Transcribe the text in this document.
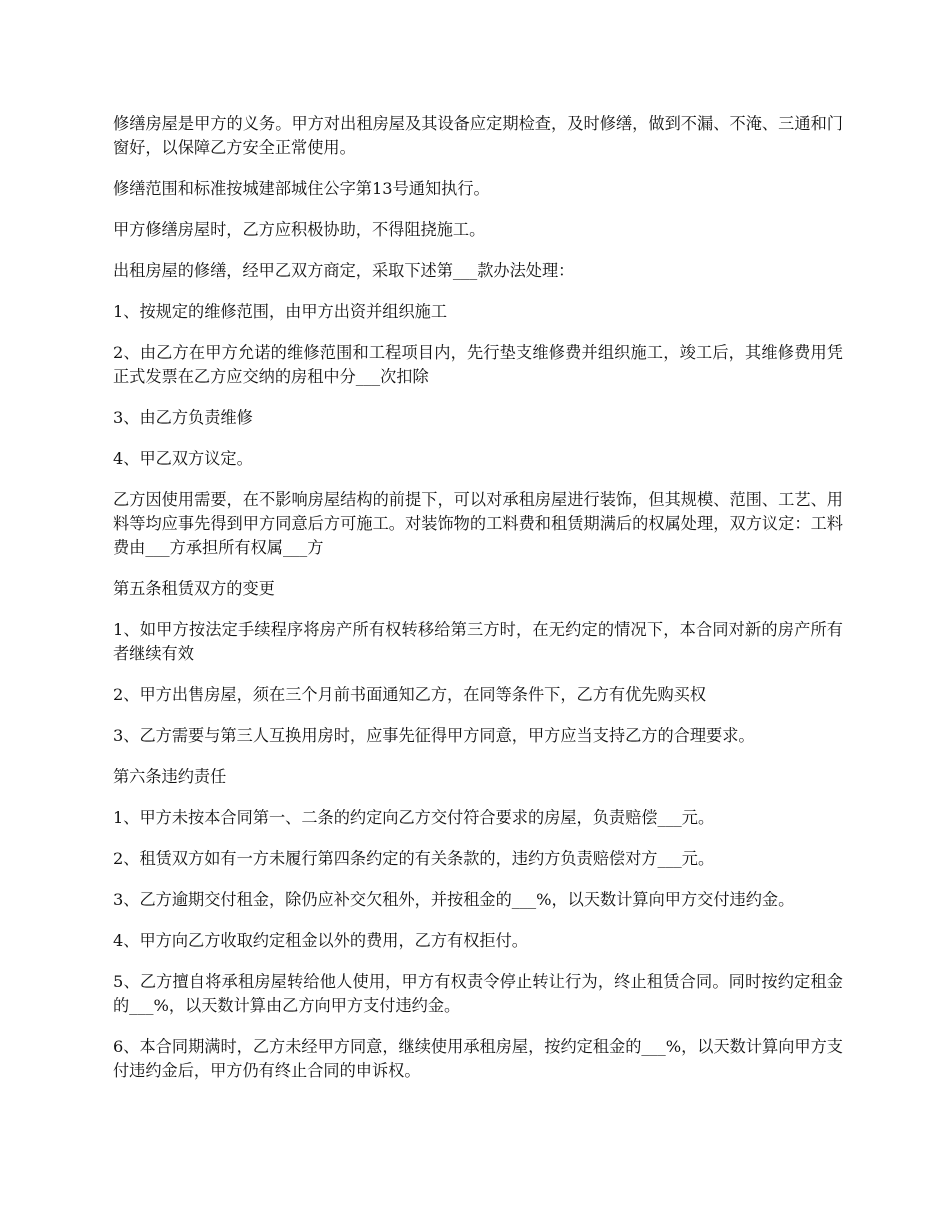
修缮房屋是甲方的义务。甲方对出租房屋及其设备应定期检查，及时修缮，做到不漏、不淹、三通和门窗好，以保障乙方安全正常使用。

修缮范围和标准按城建部城住公字第13号通知执行。

甲方修缮房屋时，乙方应积极协助，不得阻挠施工。

出租房屋的修缮，经甲乙双方商定，采取下述第___款办法处理：

1、按规定的维修范围，由甲方出资并组织施工

2、由乙方在甲方允诺的维修范围和工程项目内，先行垫支维修费并组织施工，竣工后，其维修费用凭正式发票在乙方应交纳的房租中分___次扣除

3、由乙方负责维修

4、甲乙双方议定。

乙方因使用需要，在不影响房屋结构的前提下，可以对承租房屋进行装饰，但其规模、范围、工艺、用料等均应事先得到甲方同意后方可施工。对装饰物的工料费和租赁期满后的权属处理，双方议定：工料费由___方承担所有权属___方

第五条租赁双方的变更

1、如甲方按法定手续程序将房产所有权转移给第三方时，在无约定的情况下，本合同对新的房产所有者继续有效

2、甲方出售房屋，须在三个月前书面通知乙方，在同等条件下，乙方有优先购买权

3、乙方需要与第三人互换用房时，应事先征得甲方同意，甲方应当支持乙方的合理要求。

第六条违约责任

1、甲方未按本合同第一、二条的约定向乙方交付符合要求的房屋，负责赔偿___元。

2、租赁双方如有一方未履行第四条约定的有关条款的，违约方负责赔偿对方___元。

3、乙方逾期交付租金，除仍应补交欠租外，并按租金的___%，以天数计算向甲方交付违约金。

4、甲方向乙方收取约定租金以外的费用，乙方有权拒付。

5、乙方擅自将承租房屋转给他人使用，甲方有权责令停止转让行为，终止租赁合同。同时按约定租金的___%，以天数计算由乙方向甲方支付违约金。

6、本合同期满时，乙方未经甲方同意，继续使用承租房屋，按约定租金的___%，以天数计算向甲方支付违约金后，甲方仍有终止合同的申诉权。
